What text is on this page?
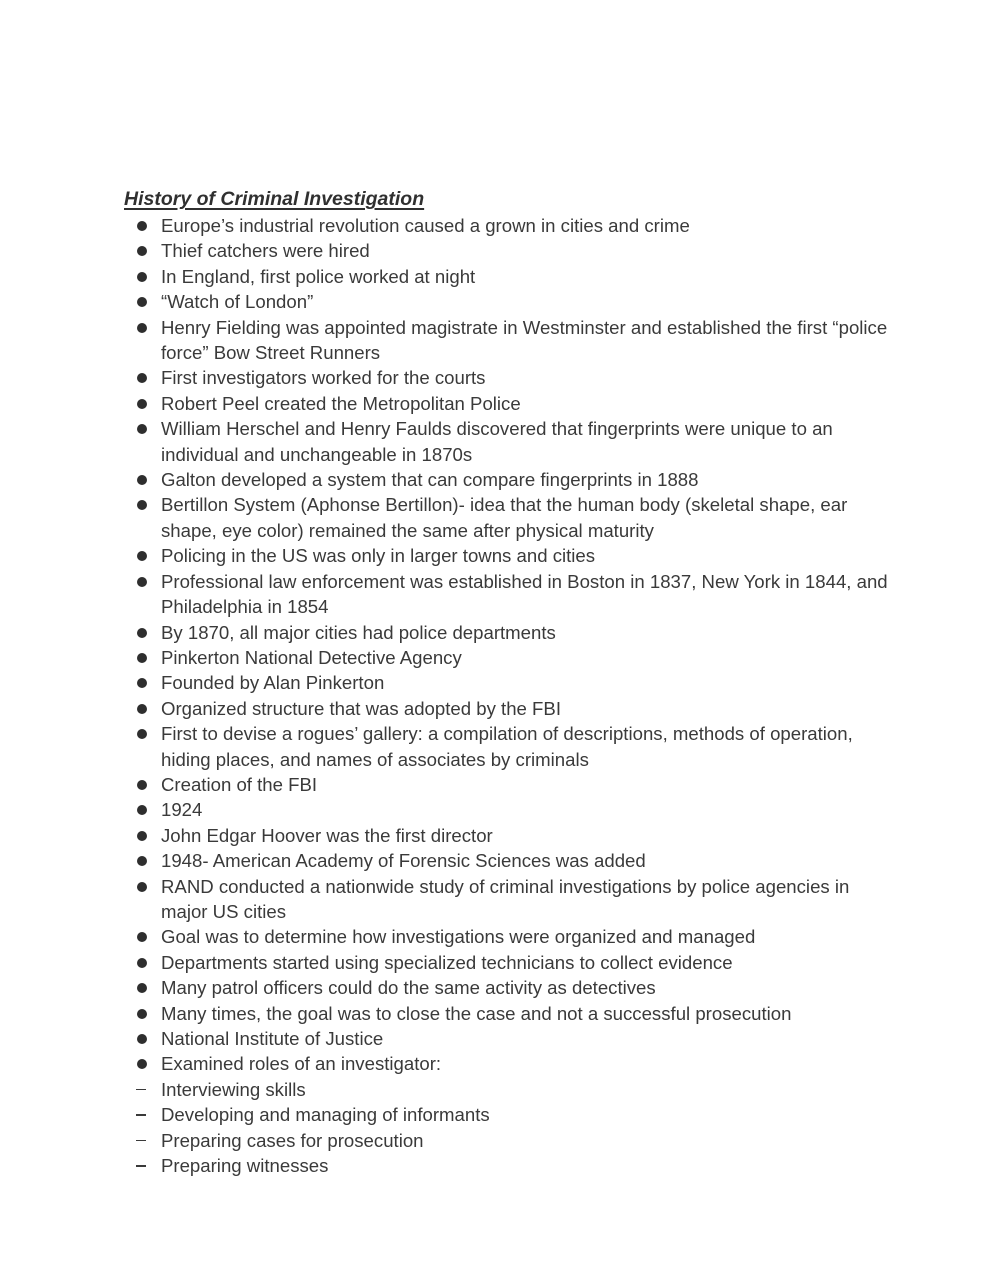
History of Criminal Investigation
Europe’s industrial revolution caused a grown in cities and crime
Thief catchers were hired
In England, first police worked at night
“Watch of London”
Henry Fielding was appointed magistrate in Westminster and established the first “police force” Bow Street Runners
First investigators worked for the courts
Robert Peel created the Metropolitan Police
William Herschel and Henry Faulds discovered that fingerprints were unique to an individual and unchangeable in 1870s
Galton developed a system that can compare fingerprints in 1888
Bertillon System (Aphonse Bertillon)- idea that the human body (skeletal shape, ear shape, eye color) remained the same after physical maturity
Policing in the US was only in larger towns and cities
Professional law enforcement was established in Boston in 1837, New York in 1844, and Philadelphia in 1854
By 1870, all major cities had police departments
Pinkerton National Detective Agency
Founded by Alan Pinkerton
Organized structure that was adopted by the FBI
First to devise a rogues’ gallery: a compilation of descriptions, methods of operation, hiding places, and names of associates by criminals
Creation of the FBI
1924
John Edgar Hoover was the first director
1948- American Academy of Forensic Sciences was added
RAND conducted a nationwide study of criminal investigations by police agencies in major US cities
Goal was to determine how investigations were organized and managed
Departments started using specialized technicians to collect evidence
Many patrol officers could do the same activity as detectives
Many times, the goal was to close the case and not a successful prosecution
National Institute of Justice
Examined roles of an investigator:
Interviewing skills
Developing and managing of informants
Preparing cases for prosecution
Preparing witnesses
